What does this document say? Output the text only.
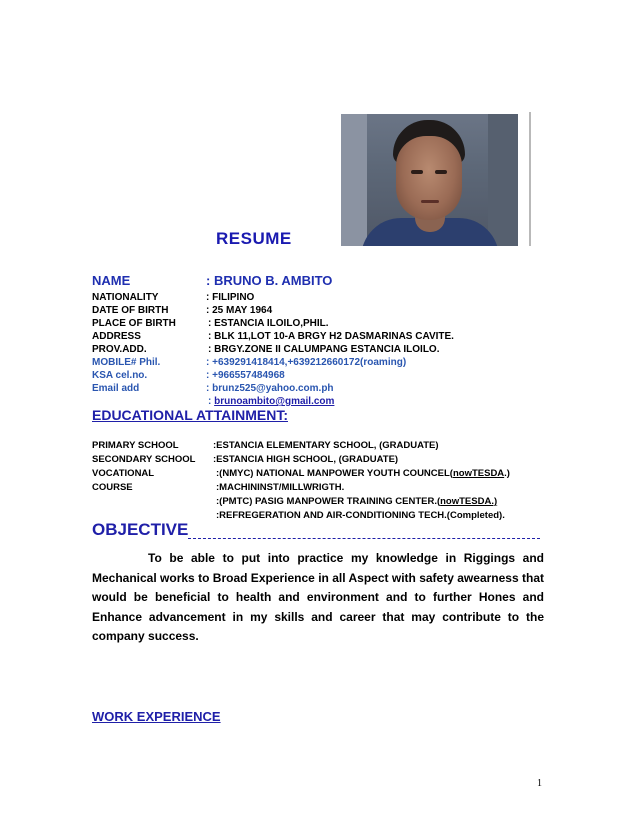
RESUME
NAME	: BRUNO B. AMBITO
NATIONALITY	: FILIPINO
DATE OF BIRTH	: 25 MAY 1964
PLACE OF BIRTH	: ESTANCIA ILOILO,PHIL.
ADDRESS	: BLK 11,LOT 10-A BRGY H2 DASMARINAS CAVITE.
PROV.ADD.	: BRGY.ZONE II CALUMPANG ESTANCIA ILOILO.
MOBILE# Phil.	: +639291418414,+639212660172(roaming)
KSA cel.no.	: +966557484968
Email add	: brunz525@yahoo.com.ph
: brunoambito@gmail.com
EDUCATIONAL ATTAINMENT:
PRIMARY SCHOOL	:ESTANCIA ELEMENTARY SCHOOL, (GRADUATE)
SECONDARY SCHOOL :ESTANCIA HIGH SCHOOL, (GRADUATE)
VOCATIONAL	:(NMYC) NATIONAL MANPOWER YOUTH COUNCEL(nowTESDA.)
COURSE	:MACHININST/MILLWRIGTH.
:(PMTC) PASIG MANPOWER TRAINING CENTER.(nowTESDA.)
:REFREGERATION AND AIR-CONDITIONING TECH.(Completed).
OBJECTIVE
To be able to put into practice my knowledge in Riggings and Mechanical works to Broad Experience in all Aspect with safety awearness that would be beneficial to health and environment and to further Hones and Enhance advancement in my skills and career that may contribute to the company success.
WORK EXPERIENCE
1
